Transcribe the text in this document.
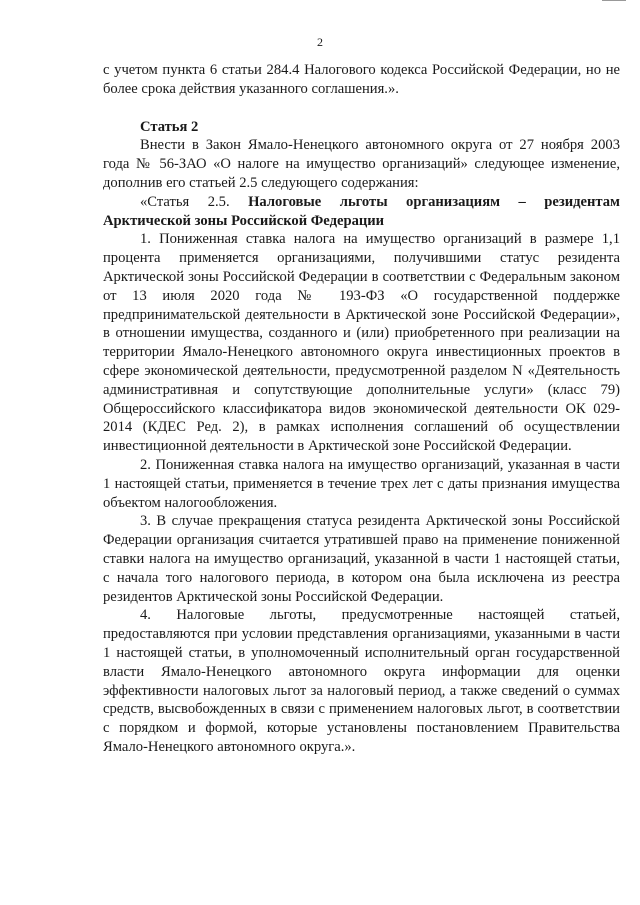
2

с учетом пункта 6 статьи 284.4 Налогового кодекса Российской Федерации, но не более срока действия указанного соглашения.».

Статья 2

Внести в Закон Ямало-Ненецкого автономного округа от 27 ноября 2003 года № 56-ЗАО «О налоге на имущество организаций» следующее изменение, дополнив его статьей 2.5 следующего содержания:

«Статья 2.5. Налоговые льготы организациям – резидентам Арктической зоны Российской Федерации

1. Пониженная ставка налога на имущество организаций в размере 1,1 процента применяется организациями, получившими статус резидента Арктической зоны Российской Федерации в соответствии с Федеральным законом от 13 июля 2020 года № 193-ФЗ «О государственной поддержке предпринимательской деятельности в Арктической зоне Российской Федерации», в отношении имущества, созданного и (или) приобретенного при реализации на территории Ямало-Ненецкого автономного округа инвестиционных проектов в сфере экономической деятельности, предусмотренной разделом N «Деятельность административная и сопутствующие дополнительные услуги» (класс 79) Общероссийского классификатора видов экономической деятельности ОК 029-2014 (КДЕС Ред. 2), в рамках исполнения соглашений об осуществлении инвестиционной деятельности в Арктической зоне Российской Федерации.

2. Пониженная ставка налога на имущество организаций, указанная в части 1 настоящей статьи, применяется в течение трех лет с даты признания имущества объектом налогообложения.

3. В случае прекращения статуса резидента Арктической зоны Российской Федерации организация считается утратившей право на применение пониженной ставки налога на имущество организаций, указанной в части 1 настоящей статьи, с начала того налогового периода, в котором она была исключена из реестра резидентов Арктической зоны Российской Федерации.

4. Налоговые льготы, предусмотренные настоящей статьей, предоставляются при условии представления организациями, указанными в части 1 настоящей статьи, в уполномоченный исполнительный орган государственной власти Ямало-Ненецкого автономного округа информации для оценки эффективности налоговых льгот за налоговый период, а также сведений о суммах средств, высвобожденных в связи с применением налоговых льгот, в соответствии с порядком и формой, которые установлены постановлением Правительства Ямало-Ненецкого автономного округа.».
